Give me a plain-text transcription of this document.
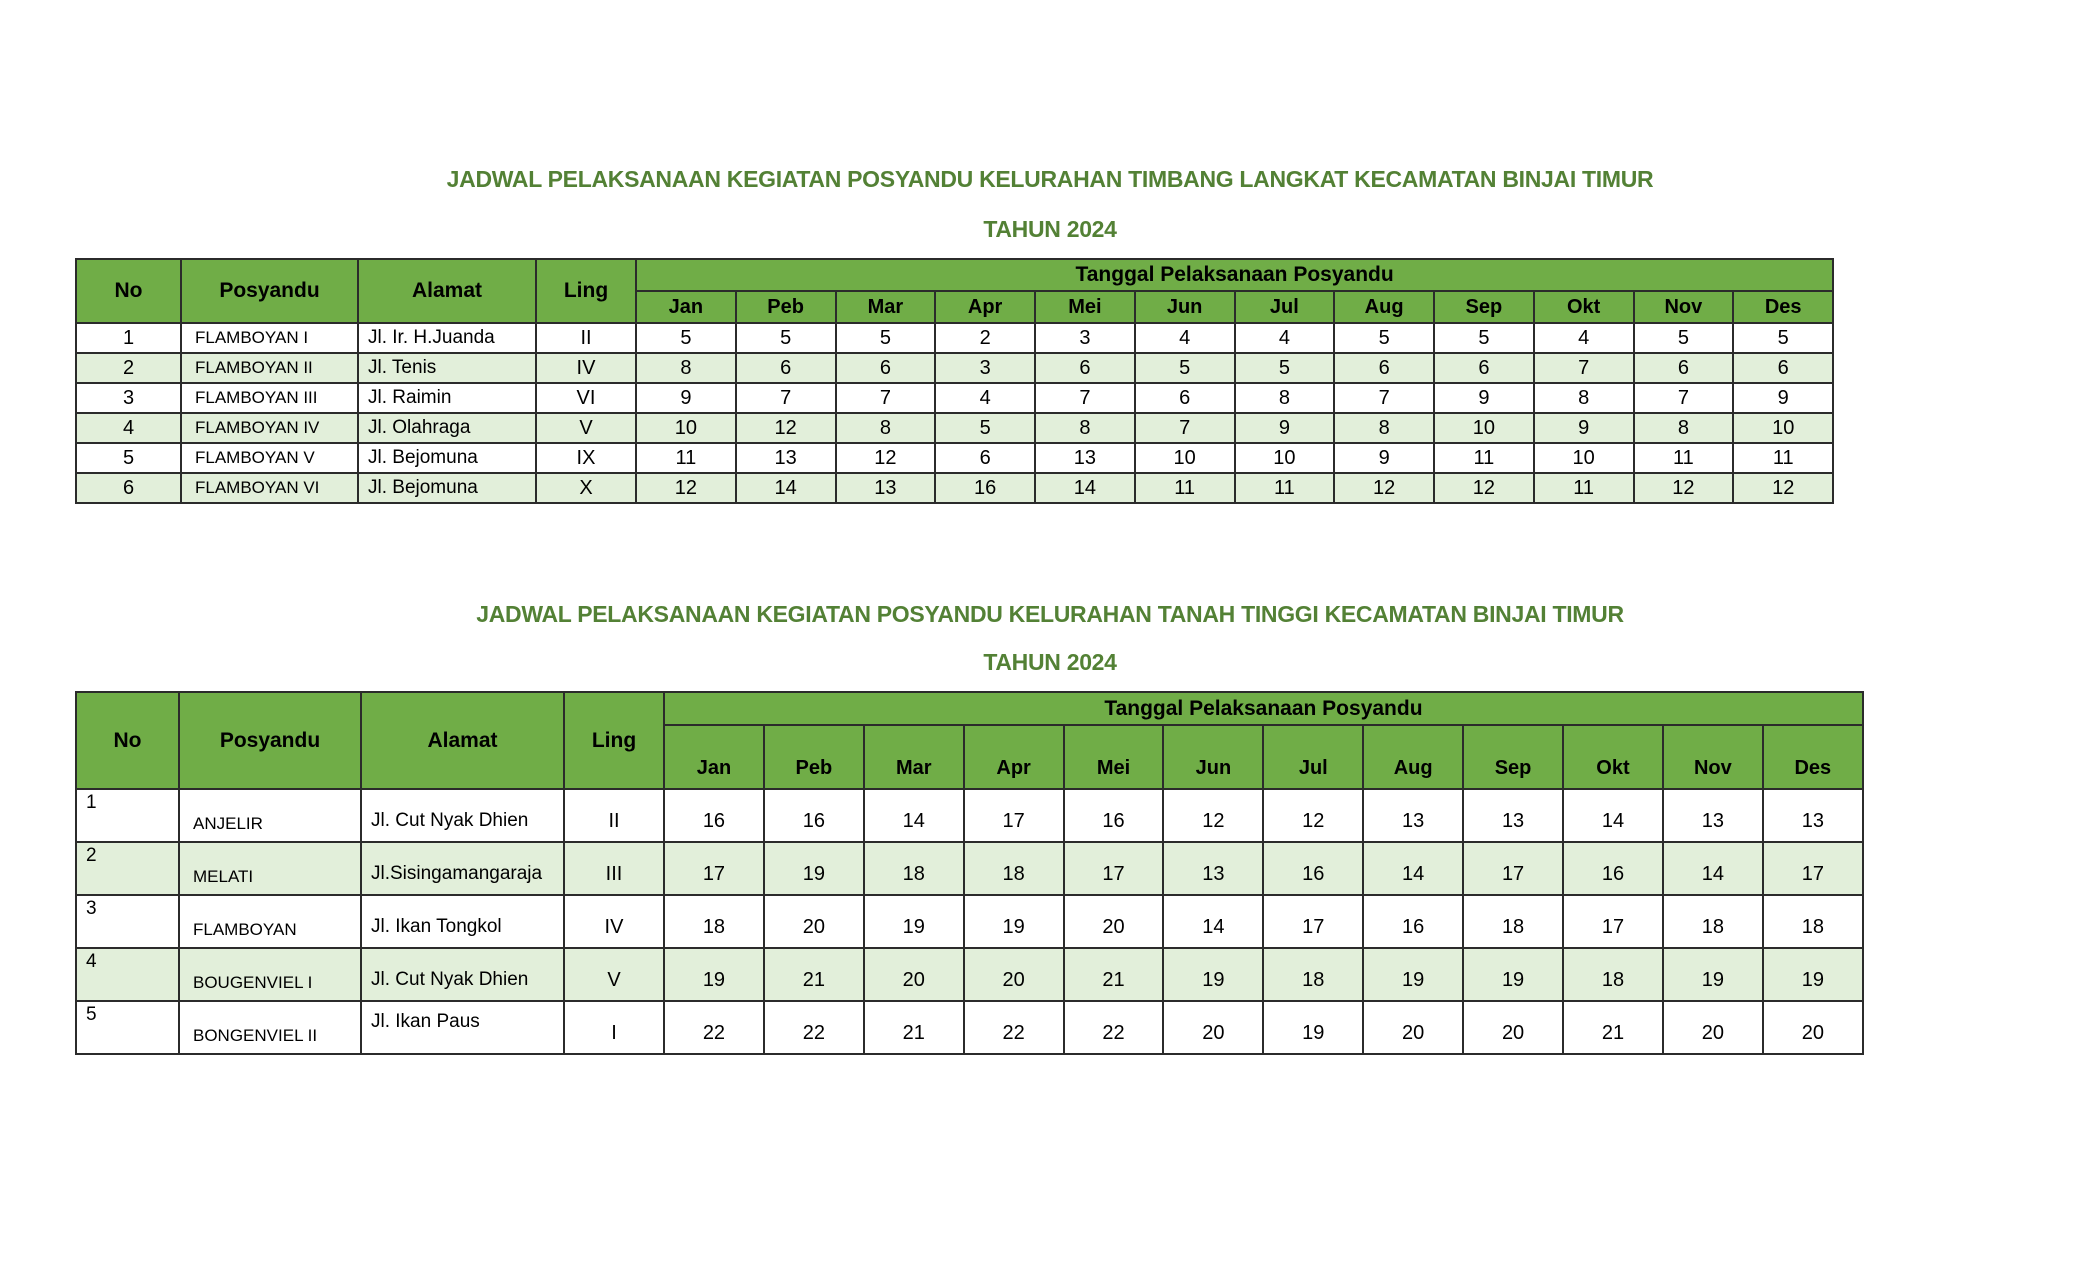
JADWAL PELAKSANAAN KEGIATAN POSYANDU KELURAHAN TIMBANG LANGKAT KECAMATAN BINJAI TIMUR
TAHUN 2024
No	Posyandu	Alamat	Ling	Tanggal Pelaksanaan Posyandu											
				Jan	Peb	Mar	Apr	Mei	Jun	Jul	Aug	Sep	Okt	Nov	Des
1	FLAMBOYAN I	Jl. Ir. H.Juanda	II	5	5	5	2	3	4	4	5	5	4	5	5
2	FLAMBOYAN II	Jl. Tenis	IV	8	6	6	3	6	5	5	6	6	7	6	6
3	FLAMBOYAN III	Jl. Raimin	VI	9	7	7	4	7	6	8	7	9	8	7	9
4	FLAMBOYAN IV	Jl. Olahraga	V	10	12	8	5	8	7	9	8	10	9	8	10
5	FLAMBOYAN V	Jl. Bejomuna	IX	11	13	12	6	13	10	10	9	11	10	11	11
6	FLAMBOYAN VI	Jl. Bejomuna	X	12	14	13	16	14	11	11	12	12	11	12	12
JADWAL PELAKSANAAN KEGIATAN POSYANDU KELURAHAN TANAH TINGGI KECAMATAN BINJAI TIMUR
TAHUN 2024
No	Posyandu	Alamat	Ling	Tanggal Pelaksanaan Posyandu											
				Jan	Peb	Mar	Apr	Mei	Jun	Jul	Aug	Sep	Okt	Nov	Des
1	ANJELIR	Jl. Cut Nyak Dhien	II	16	16	14	17	16	12	12	13	13	14	13	13
2	MELATI	Jl.Sisingamangaraja	III	17	19	18	18	17	13	16	14	17	16	14	17
3	FLAMBOYAN	Jl. Ikan Tongkol	IV	18	20	19	19	20	14	17	16	18	17	18	18
4	BOUGENVIEL I	Jl. Cut Nyak Dhien	V	19	21	20	20	21	19	18	19	19	18	19	19
5	BONGENVIEL II	Jl. Ikan Paus	I	22	22	21	22	22	20	19	20	20	21	20	20
